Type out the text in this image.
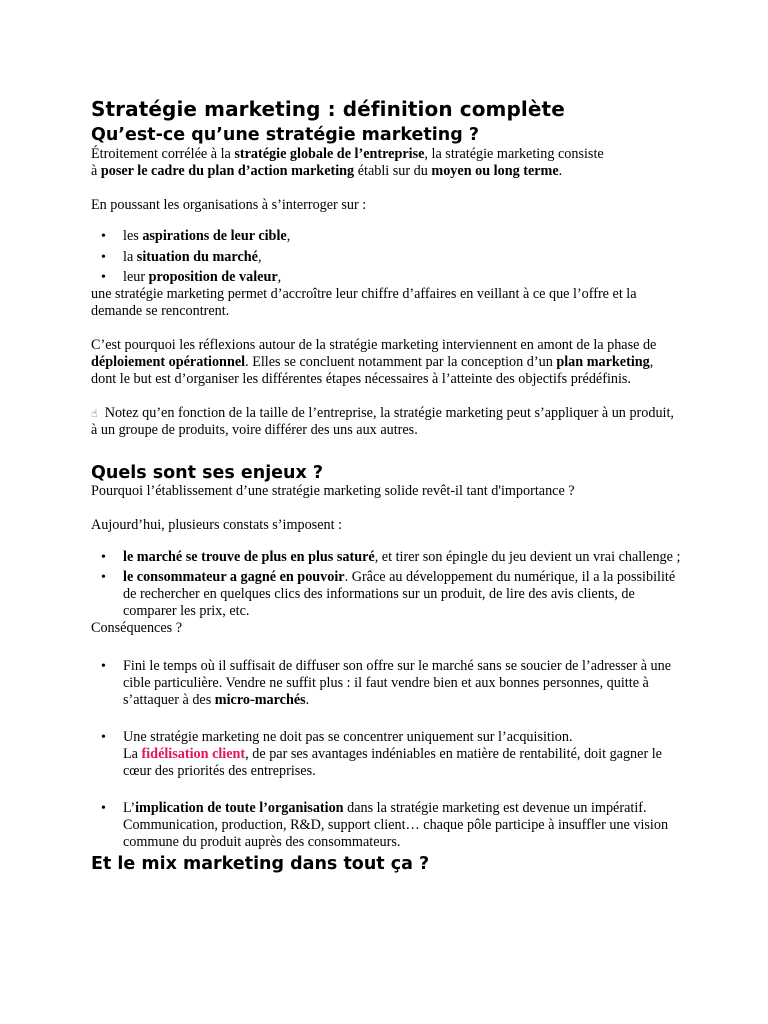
Stratégie marketing : définition complète
Qu’est-ce qu’une stratégie marketing ?

Étroitement corrélée à la stratégie globale de l’entreprise, la stratégie marketing consiste
à poser le cadre du plan d’action marketing établi sur du moyen ou long terme.

En poussant les organisations à s’interroger sur :

• les aspirations de leur cible,
• la situation du marché,
• leur proposition de valeur,

une stratégie marketing permet d’accroître leur chiffre d’affaires en veillant à ce que l’offre et la demande se rencontrent.

C’est pourquoi les réflexions autour de la stratégie marketing interviennent en amont de la phase de déploiement opérationnel. Elles se concluent notamment par la conception d’un plan marketing, dont le but est d’organiser les différentes étapes nécessaires à l’atteinte des objectifs prédéfinis.

☝ Notez qu’en fonction de la taille de l’entreprise, la stratégie marketing peut s’appliquer à un produit, à un groupe de produits, voire différer des uns aux autres.

Quels sont ses enjeux ?

Pourquoi l’établissement d’une stratégie marketing solide revêt-il tant d'importance ?

Aujourd’hui, plusieurs constats s’imposent :

• le marché se trouve de plus en plus saturé, et tirer son épingle du jeu devient un vrai challenge ;
• le consommateur a gagné en pouvoir. Grâce au développement du numérique, il a la possibilité de rechercher en quelques clics des informations sur un produit, de lire des avis clients, de comparer les prix, etc.

Conséquences ?

• Fini le temps où il suffisait de diffuser son offre sur le marché sans se soucier de l’adresser à une cible particulière. Vendre ne suffit plus : il faut vendre bien et aux bonnes personnes, quitte à s’attaquer à des micro-marchés.
• Une stratégie marketing ne doit pas se concentrer uniquement sur l’acquisition.
La fidélisation client, de par ses avantages indéniables en matière de rentabilité, doit gagner le cœur des priorités des entreprises.
• L’implication de toute l’organisation dans la stratégie marketing est devenue un impératif. Communication, production, R&D, support client… chaque pôle participe à insuffler une vision commune du produit auprès des consommateurs.
Et le mix marketing dans tout ça ?
